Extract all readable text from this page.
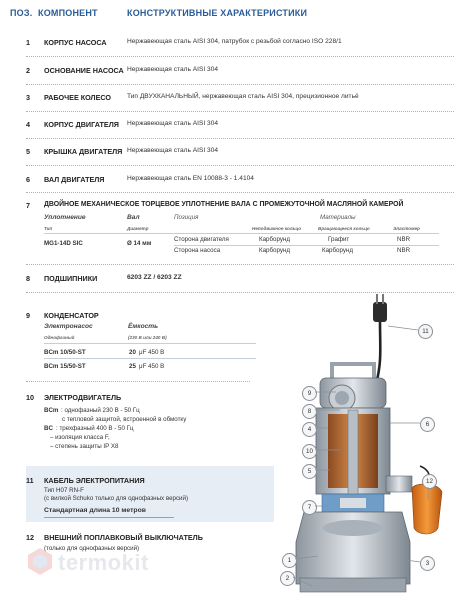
ПОЗ. КОМПОНЕНТ	КОНСТРУКТИВНЫЕ ХАРАКТЕРИСТИКИ
1 КОРПУС НАСОСА	Нержавеющая сталь AISI 304, патрубок с резьбой согласно ISO 228/1
2 ОСНОВАНИЕ НАСОСА Нержавеющая сталь AISI 304
3 РАБОЧЕЕ КОЛЕСО Тип ДВУХКАНАЛЬНЫЙ, нержавеющая сталь AISI 304, прецизионное литьё
4 КОРПУС ДВИГАТЕЛЯ Нержавеющая сталь AISI 304
5 КРЫШКА ДВИГАТЕЛЯ Нержавеющая сталь AISI 304
6 ВАЛ ДВИГАТЕЛЯ	Нержавеющая сталь EN 10088-3 - 1.4104
7 ДВОЙНОЕ МЕХАНИЧЕСКОЕ ТОРЦЕВОЕ УПЛОТНЕНИЕ ВАЛА С ПРОМЕЖУТОЧНОЙ МАСЛЯНОЙ КАМЕРОЙ
Уплотнение	Вал	Позиция	Материалы
Тип	Диаметр	Неподвижное кольцо	Вращающееся кольцо	Эластомер
MG1-14D SIC	Ø 14 мм
Сторона двигателя	Карборунд	Графит	NBR
Сторона насоса	Карборунд	Карборунд	NBR
8 ПОДШИПНИКИ	6203 ZZ / 6203 ZZ
9 КОНДЕНСАТОР
Электронасос	Ёмкость
Однофазный	(230 В или 240 В)
BCm 10/50-ST	20 μF 450 В
BCm 15/50-ST	25 μF 450 В
10 ЭЛЕКТРОДВИГАТЕЛЬ
BCm : однофазный 230 В - 50 Гц
с тепловой защитой, встроенной в обмотку
BC : трехфазный 400 В - 50 Гц
– изоляция класса F,
– степень защиты IP X8
11 КАБЕЛЬ ЭЛЕКТРОПИТАНИЯ
Тип H07 RN-F
(с вилкой Schuko только для однофазных версий)
Стандартная длина 10 метров
12 ВНЕШНИЙ ПОПЛАВКОВЫЙ ВЫКЛЮЧАТЕЛЬ
(только для однофазных версий)
termokit
11
9
8
4
10
5
7
6
12
3
1
2
